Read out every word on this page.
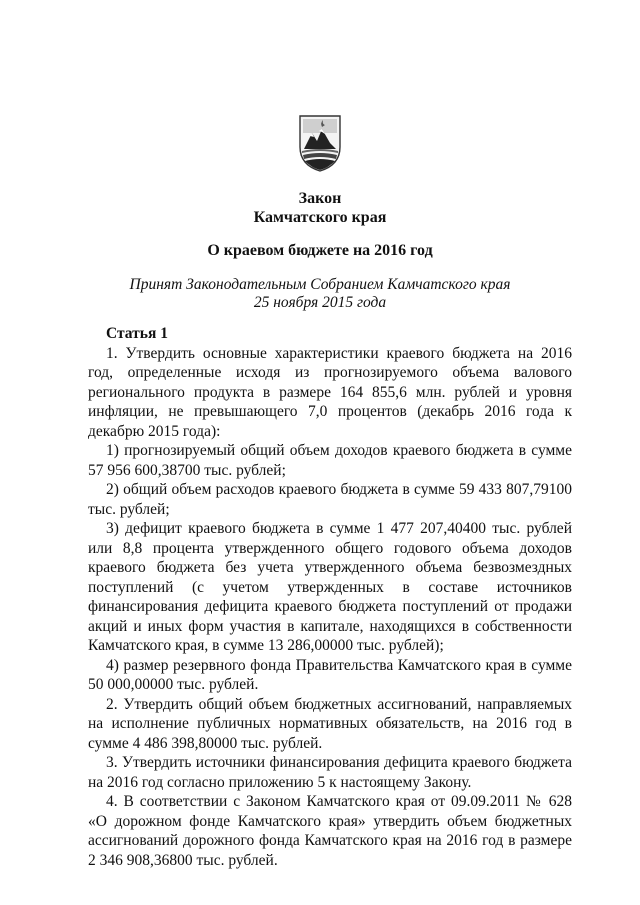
Закон
Камчатского края
О краевом бюджете на 2016 год
Принят Законодательным Собранием Камчатского края
25 ноября 2015 года

Статья 1

1. Утвердить основные характеристики краевого бюджета на 2016 год, определенные исходя из прогнозируемого объема валового регионального продукта в размере 164 855,6 млн. рублей и уровня инфляции, не превышающего 7,0 процентов (декабрь 2016 года к декабрю 2015 года):

1) прогнозируемый общий объем доходов краевого бюджета в сумме 57 956 600,38700 тыс. рублей;

2) общий объем расходов краевого бюджета в сумме 59 433 807,79100 тыс. рублей;

3) дефицит краевого бюджета в сумме 1 477 207,40400 тыс. рублей или 8,8 процента утвержденного общего годового объема доходов краевого бюджета без учета утвержденного объема безвозмездных поступлений (с учетом утвержденных в составе источников финансирования дефицита краевого бюджета поступлений от продажи акций и иных форм участия в капитале, находящихся в собственности Камчатского края, в сумме 13 286,00000 тыс. рублей);

4) размер резервного фонда Правительства Камчатского края в сумме 50 000,00000 тыс. рублей.

2. Утвердить общий объем бюджетных ассигнований, направляемых на исполнение публичных нормативных обязательств, на 2016 год в сумме 4 486 398,80000 тыс. рублей.

3. Утвердить источники финансирования дефицита краевого бюджета на 2016 год согласно приложению 5 к настоящему Закону.

4. В соответствии с Законом Камчатского края от 09.09.2011 № 628 «О дорожном фонде Камчатского края» утвердить объем бюджетных ассигнований дорожного фонда Камчатского края на 2016 год в размере 2 346 908,36800 тыс. рублей.
